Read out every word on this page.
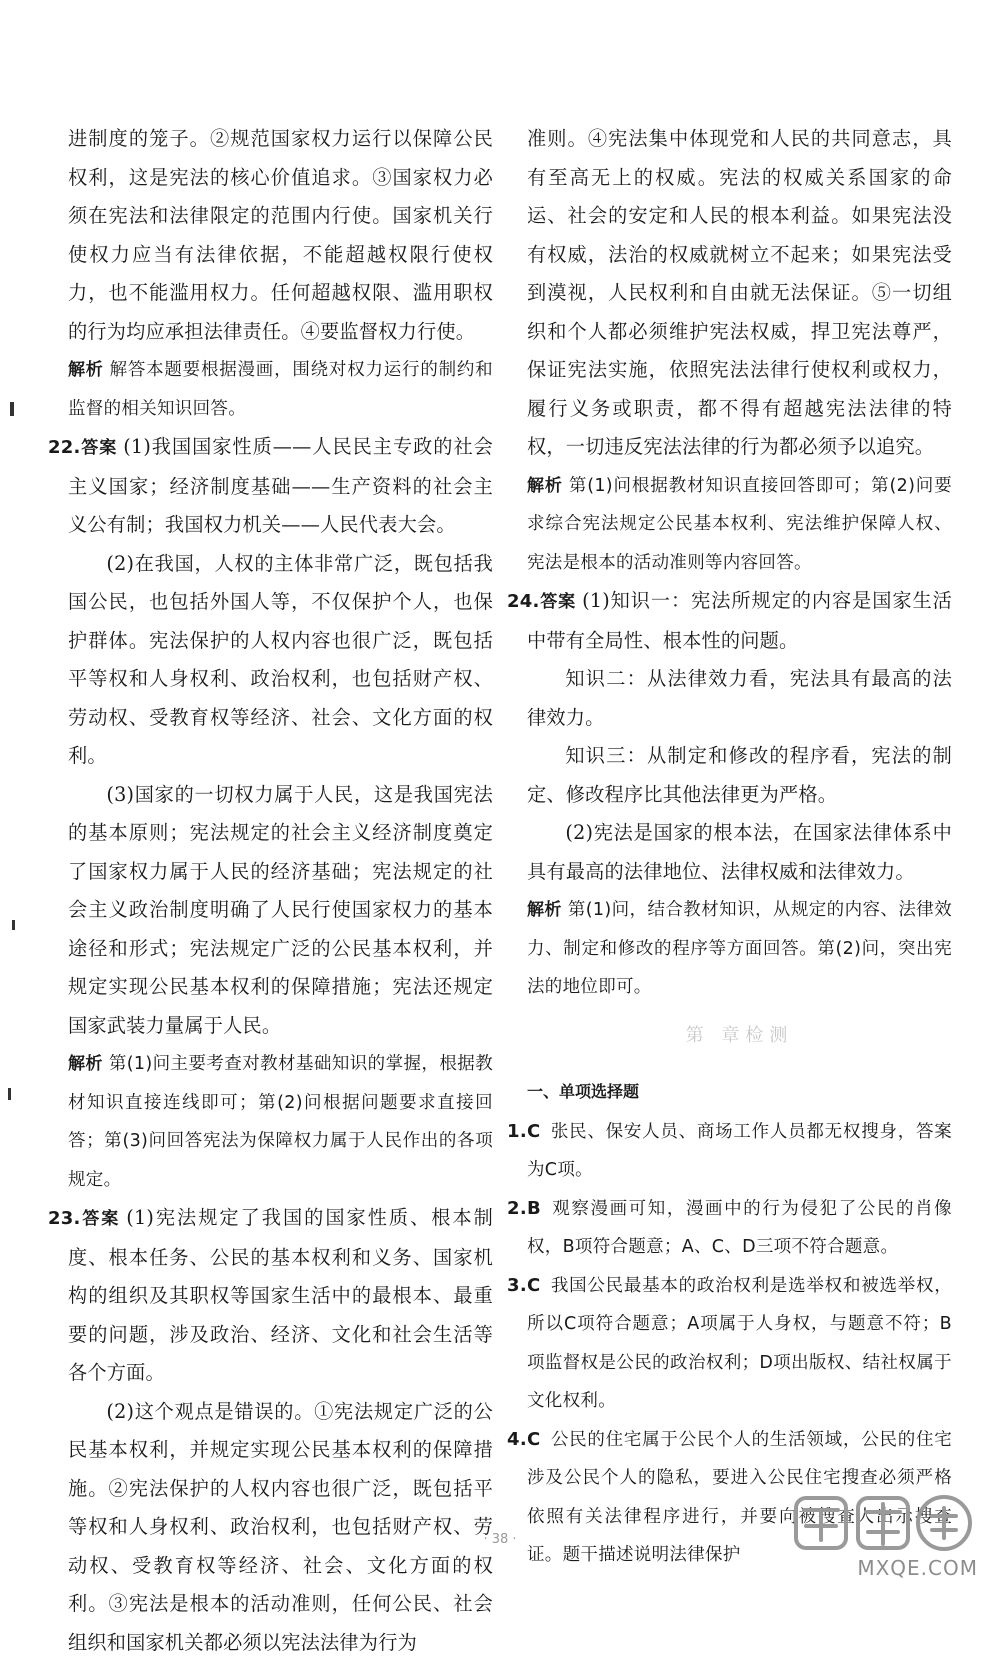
进制度的笼子。②规范国家权力运行以保障公民权利，这是宪法的核心价值追求。③国家权力必须在宪法和法律限定的范围内行使。国家机关行使权力应当有法律依据，不能超越权限行使权力，也不能滥用权力。任何超越权限、滥用职权的行为均应承担法律责任。④要监督权力行使。

解析 解答本题要根据漫画，围绕对权力运行的制约和监督的相关知识回答。

22.答案 (1)我国国家性质——人民民主专政的社会主义国家；经济制度基础——生产资料的社会主义公有制；我国权力机关——人民代表大会。

(2)在我国，人权的主体非常广泛，既包括我国公民，也包括外国人等，不仅保护个人，也保护群体。宪法保护的人权内容也很广泛，既包括平等权和人身权利、政治权利，也包括财产权、劳动权、受教育权等经济、社会、文化方面的权利。

(3)国家的一切权力属于人民，这是我国宪法的基本原则；宪法规定的社会主义经济制度奠定了国家权力属于人民的经济基础；宪法规定的社会主义政治制度明确了人民行使国家权力的基本途径和形式；宪法规定广泛的公民基本权利，并规定实现公民基本权利的保障措施；宪法还规定国家武装力量属于人民。

解析 第(1)问主要考查对教材基础知识的掌握，根据教材知识直接连线即可；第(2)问根据问题要求直接回答；第(3)问回答宪法为保障权力属于人民作出的各项规定。

23.答案 (1)宪法规定了我国的国家性质、根本制度、根本任务、公民的基本权利和义务、国家机构的组织及其职权等国家生活中的最根本、最重要的问题，涉及政治、经济、文化和社会生活等各个方面。

(2)这个观点是错误的。①宪法规定广泛的公民基本权利，并规定实现公民基本权利的保障措施。②宪法保护的人权内容也很广泛，既包括平等权和人身权利、政治权利，也包括财产权、劳动权、受教育权等经济、社会、文化方面的权利。③宪法是根本的活动准则，任何公民、社会组织和国家机关都必须以宪法法律为行为

准则。④宪法集中体现党和人民的共同意志，具有至高无上的权威。宪法的权威关系国家的命运、社会的安定和人民的根本利益。如果宪法没有权威，法治的权威就树立不起来；如果宪法受到漠视，人民权利和自由就无法保证。⑤一切组织和个人都必须维护宪法权威，捍卫宪法尊严，保证宪法实施，依照宪法法律行使权利或权力，履行义务或职责，都不得有超越宪法法律的特权，一切违反宪法法律的行为都必须予以追究。

解析 第(1)问根据教材知识直接回答即可；第(2)问要求综合宪法规定公民基本权利、宪法维护保障人权、宪法是根本的活动准则等内容回答。

24.答案 (1)知识一：宪法所规定的内容是国家生活中带有全局性、根本性的问题。

知识二：从法律效力看，宪法具有最高的法律效力。

知识三：从制定和修改的程序看，宪法的制定、修改程序比其他法律更为严格。

(2)宪法是国家的根本法，在国家法律体系中具有最高的法律地位、法律权威和法律效力。

解析 第(1)问，结合教材知识，从规定的内容、法律效力、制定和修改的程序等方面回答。第(2)问，突出宪法的地位即可。

第 章检测
一、单项选择题

1.C 张民、保安人员、商场工作人员都无权搜身，答案为C项。

2.B 观察漫画可知，漫画中的行为侵犯了公民的肖像权，B项符合题意；A、C、D三项不符合题意。

3.C 我国公民最基本的政治权利是选举权和被选举权，所以C项符合题意；A项属于人身权，与题意不符；B项监督权是公民的政治权利；D项出版权、结社权属于文化权利。

4.C 公民的住宅属于公民个人的生活领域，公民的住宅涉及公民个人的隐私，要进入公民住宅搜查必须严格依照有关法律程序进行，并要向被搜查人出示搜查证。题干描述说明法律保护

· 38 ·
MXQE.COM
